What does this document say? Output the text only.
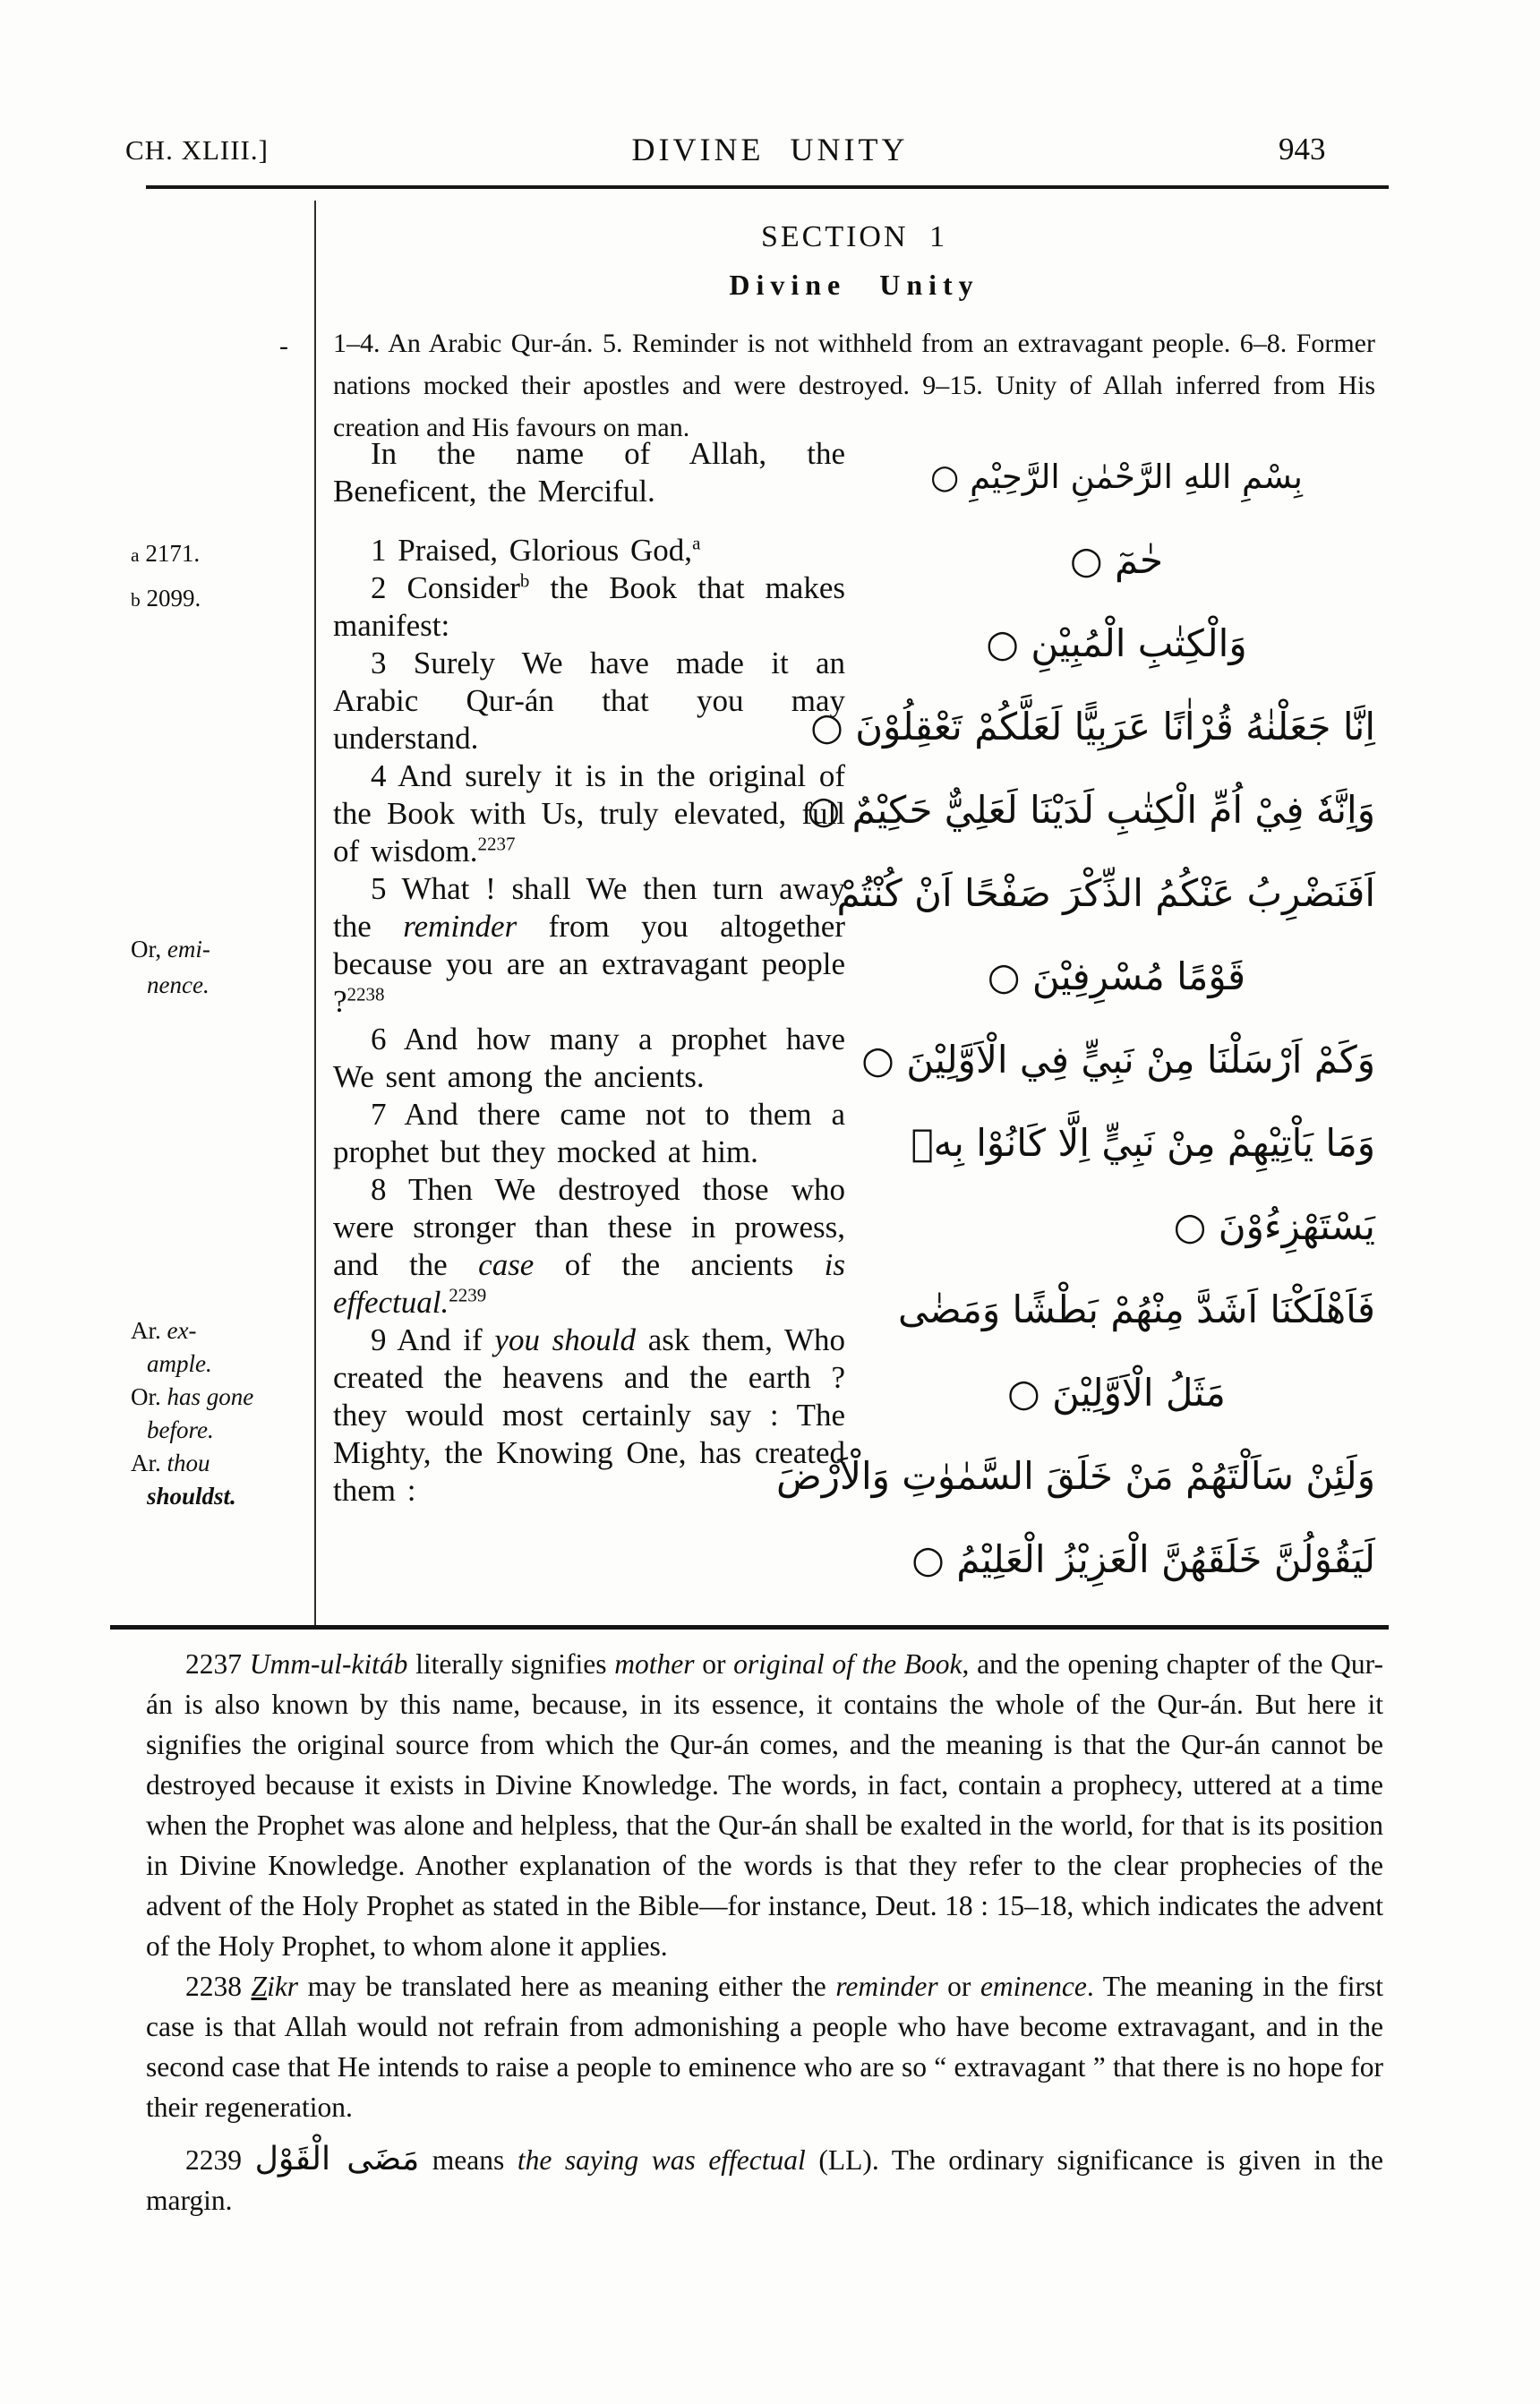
CH. XLIII.]	DIVINE UNITY	943
SECTION 1
Divine Unity
- 1–4. An Arabic Qur-án. 5. Reminder is not withheld from an extravagant people. 6–8. Former nations mocked their apostles and were destroyed. 9–15. Unity of Allah inferred from His creation and His favours on man.

In the name of Allah, the Beneficent, the Merciful.

1 Praised, Glorious God,$^a$

2 Consider$^b$ the Book that makes manifest:

3 Surely We have made it an Arabic Qur-án that you may understand.

4 And surely it is in the original of the Book with Us, truly elevated, full of wisdom.$^{2237}$

5 What ! shall We then turn away the reminder from you altogether because you are an extravagant people ?$^{2238}$

6 And how many a prophet have We sent among the ancients.

7 And there came not to them a prophet but they mocked at him.

8 Then We destroyed those who were stronger than these in prowess, and the case of the ancients is effectual.$^{2239}$

9 And if you should ask them, Who created the heavens and the earth ? they would most certainly say : The Mighty, the Knowing One, has created them :

بِسْمِ اللهِ الرَّحْمٰنِ الرَّحِيْمِ ○
حٰمٓ ○
وَالْكِتٰبِ الْمُبِيْنِ ○
اِنَّا جَعَلْنٰهُ قُرْاٰنًا عَرَبِيًّا لَعَلَّكُمْ تَعْقِلُوْنَ ○
وَاِنَّهٗ فِيْ اُمِّ الْكِتٰبِ لَدَيْنَا لَعَلِيٌّ حَكِيْمٌ ○
اَفَنَضْرِبُ عَنْكُمُ الذِّكْرَ صَفْحًا اَنْ كُنْتُمْ
قَوْمًا مُسْرِفِيْنَ ○
وَكَمْ اَرْسَلْنَا مِنْ نَبِيٍّ فِي الْاَوَّلِيْنَ ○
وَمَا يَاْتِيْهِمْ مِنْ نَبِيٍّ اِلَّا كَانُوْا بِهٖ
يَسْتَهْزِءُوْنَ ○
فَاَهْلَكْنَا اَشَدَّ مِنْهُمْ بَطْشًا وَمَضٰى
مَثَلُ الْاَوَّلِيْنَ ○
وَلَئِنْ سَاَلْتَهُمْ مَنْ خَلَقَ السَّمٰوٰتِ وَالْاَرْضَ
لَيَقُوْلُنَّ خَلَقَهُنَّ الْعَزِيْزُ الْعَلِيْمُ ○
a 2171.
b 2099.
Or, emi-
nence.
Ar. ex-
ample.
Or. has gone
before.
Ar. thou
shouldst.

2237 Umm-ul-kitáb literally signifies mother or original of the Book, and the opening chapter of the Qur-án is also known by this name, because, in its essence, it contains the whole of the Qur-án. But here it signifies the original source from which the Qur-án comes, and the meaning is that the Qur-án cannot be destroyed because it exists in Divine Knowledge. The words, in fact, contain a prophecy, uttered at a time when the Prophet was alone and helpless, that the Qur-án shall be exalted in the world, for that is its position in Divine Knowledge. Another explanation of the words is that they refer to the clear prophecies of the advent of the Holy Prophet as stated in the Bible—for instance, Deut. 18 : 15–18, which indicates the advent of the Holy Prophet, to whom alone it applies.

2238 Zikr may be translated here as meaning either the reminder or eminence. The meaning in the first case is that Allah would not refrain from admonishing a people who have become extravagant, and in the second case that He intends to raise a people to eminence who are so “ extravagant ” that there is no hope for their regeneration.

2239 مَضَى الْقَوْل means the saying was effectual (LL). The ordinary significance is given in the margin.
